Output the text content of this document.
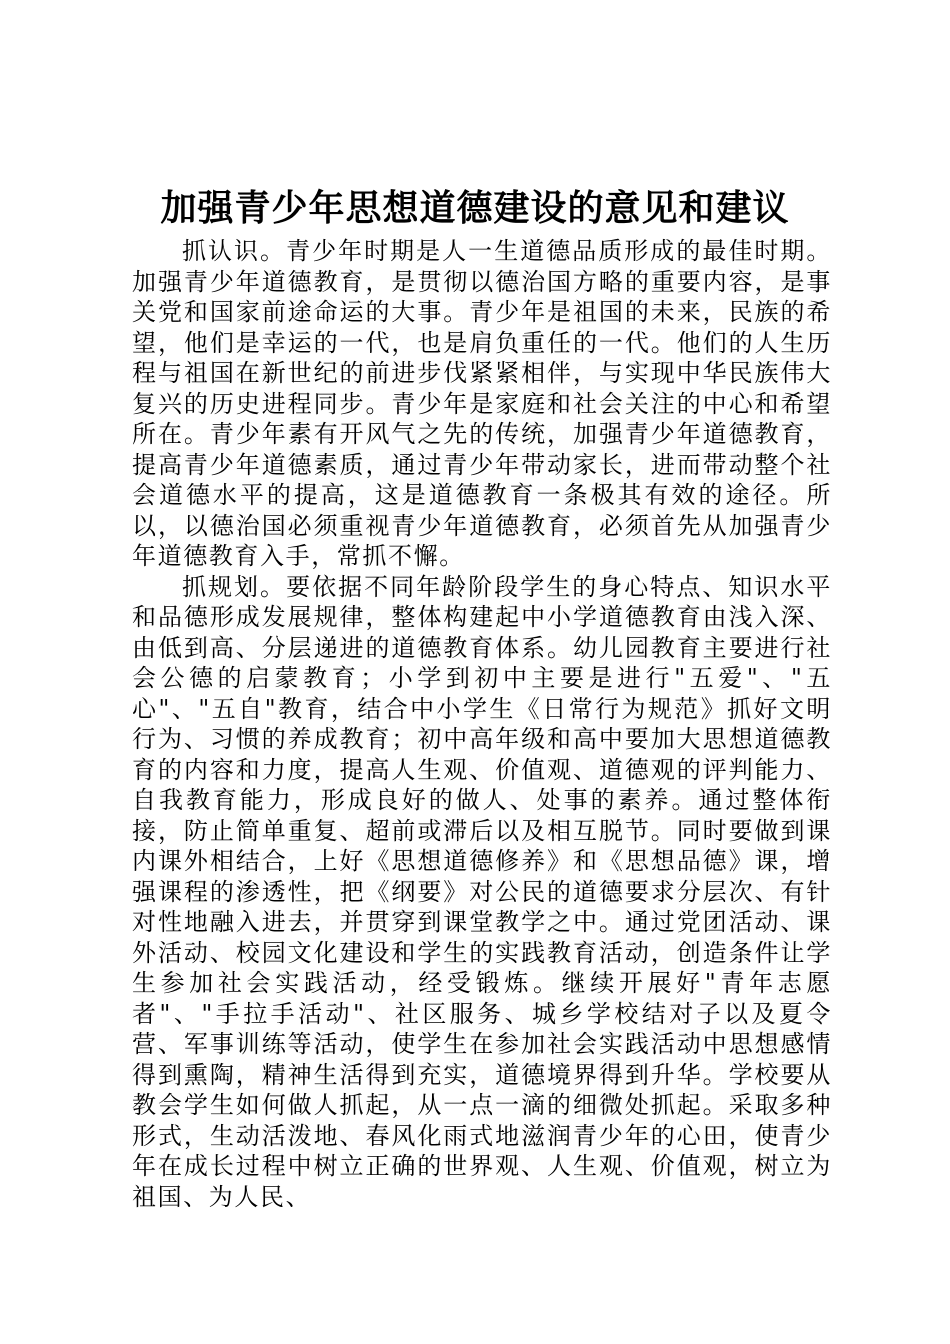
加强青少年思想道德建设的意见和建议

抓认识。青少年时期是人一生道德品质形成的最佳时期。加强青少年道德教育，是贯彻以德治国方略的重要内容，是事关党和国家前途命运的大事。青少年是祖国的未来，民族的希望，他们是幸运的一代，也是肩负重任的一代。他们的人生历程与祖国在新世纪的前进步伐紧紧相伴，与实现中华民族伟大复兴的历史进程同步。青少年是家庭和社会关注的中心和希望所在。青少年素有开风气之先的传统，加强青少年道德教育，提高青少年道德素质，通过青少年带动家长，进而带动整个社会道德水平的提高，这是道德教育一条极其有效的途径。所以，以德治国必须重视青少年道德教育，必须首先从加强青少年道德教育入手，常抓不懈。

抓规划。要依据不同年龄阶段学生的身心特点、知识水平和品德形成发展规律，整体构建起中小学道德教育由浅入深、由低到高、分层递进的道德教育体系。幼儿园教育主要进行社会公德的启蒙教育；小学到初中主要是进行"五爱"、"五心"、"五自"教育，结合中小学生《日常行为规范》抓好文明行为、习惯的养成教育；初中高年级和高中要加大思想道德教育的内容和力度，提高人生观、价值观、道德观的评判能力、自我教育能力，形成良好的做人、处事的素养。通过整体衔接，防止简单重复、超前或滞后以及相互脱节。同时要做到课内课外相结合，上好《思想道德修养》和《思想品德》课，增强课程的渗透性，把《纲要》对公民的道德要求分层次、有针对性地融入进去，并贯穿到课堂教学之中。通过党团活动、课外活动、校园文化建设和学生的实践教育活动，创造条件让学生参加社会实践活动，经受锻炼。继续开展好"青年志愿者"、"手拉手活动"、社区服务、城乡学校结对子以及夏令营、军事训练等活动，使学生在参加社会实践活动中思想感情得到熏陶，精神生活得到充实，道德境界得到升华。学校要从教会学生如何做人抓起，从一点一滴的细微处抓起。采取多种形式，生动活泼地、春风化雨式地滋润青少年的心田，使青少年在成长过程中树立正确的世界观、人生观、价值观，树立为祖国、为人民、
